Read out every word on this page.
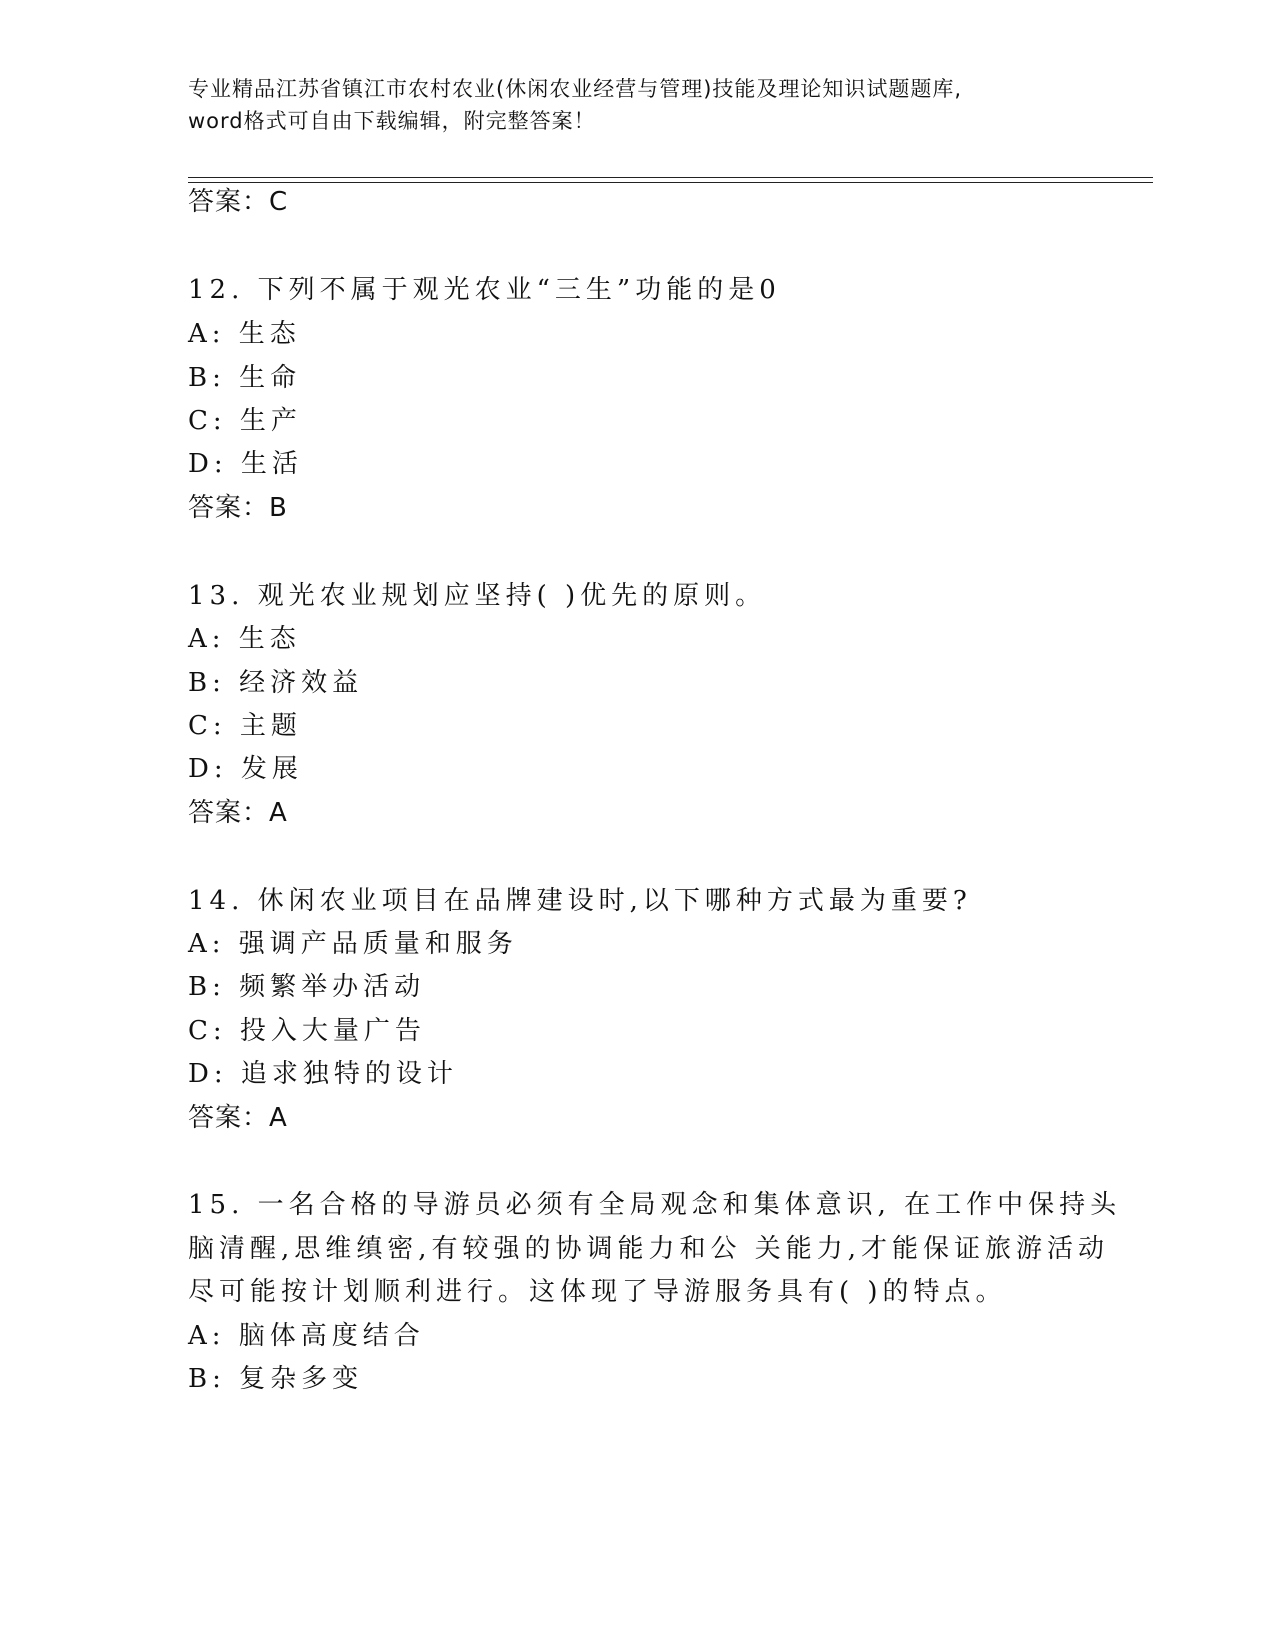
专业精品江苏省镇江市农村农业(休闲农业经营与管理)技能及理论知识试题题库,
word格式可自由下载编辑，附完整答案！
答案：C
12. 下列不属于观光农业“三生”功能的是0
A: 生态
B: 生命
C: 生产
D: 生活
答案：B
13. 观光农业规划应坚持( )优先的原则。
A: 生态
B: 经济效益
C: 主题
D: 发展
答案：A
14. 休闲农业项目在品牌建设时,以下哪种方式最为重要?
A: 强调产品质量和服务
B: 频繁举办活动
C: 投入大量广告
D: 追求独特的设计
答案：A
15. 一名合格的导游员必须有全局观念和集体意识, 在工作中保持头
脑清醒,思维缜密,有较强的协调能力和公 关能力,才能保证旅游活动
尽可能按计划顺利进行。这体现了导游服务具有( )的特点。
A: 脑体高度结合
B: 复杂多变
